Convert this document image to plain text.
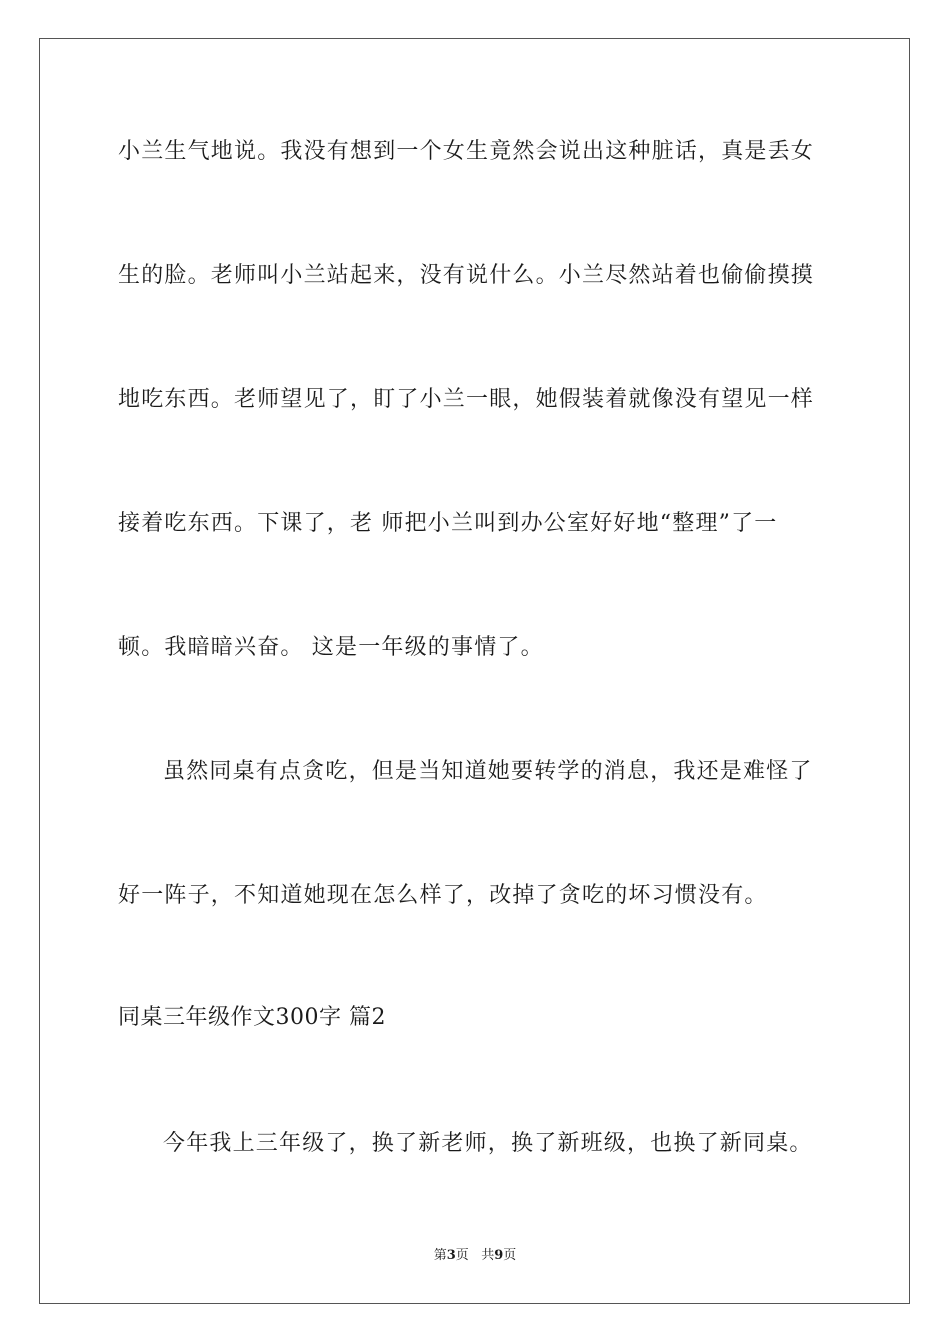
小兰生气地说。我没有想到一个女生竟然会说出这种脏话，真是丢女
生的脸。老师叫小兰站起来，没有说什么。小兰尽然站着也偷偷摸摸
地吃东西。老师望见了，盯了小兰一眼，她假装着就像没有望见一样
接着吃东西。下课了，老 师把小兰叫到办公室好好地“整理”了一
顿。我暗暗兴奋。 这是一年级的事情了。
虽然同桌有点贪吃，但是当知道她要转学的消息，我还是难怪了
好一阵子，不知道她现在怎么样了，改掉了贪吃的坏习惯没有。
同桌三年级作文300字 篇2
今年我上三年级了，换了新老师，换了新班级，也换了新同桌。
第3页 共9页
